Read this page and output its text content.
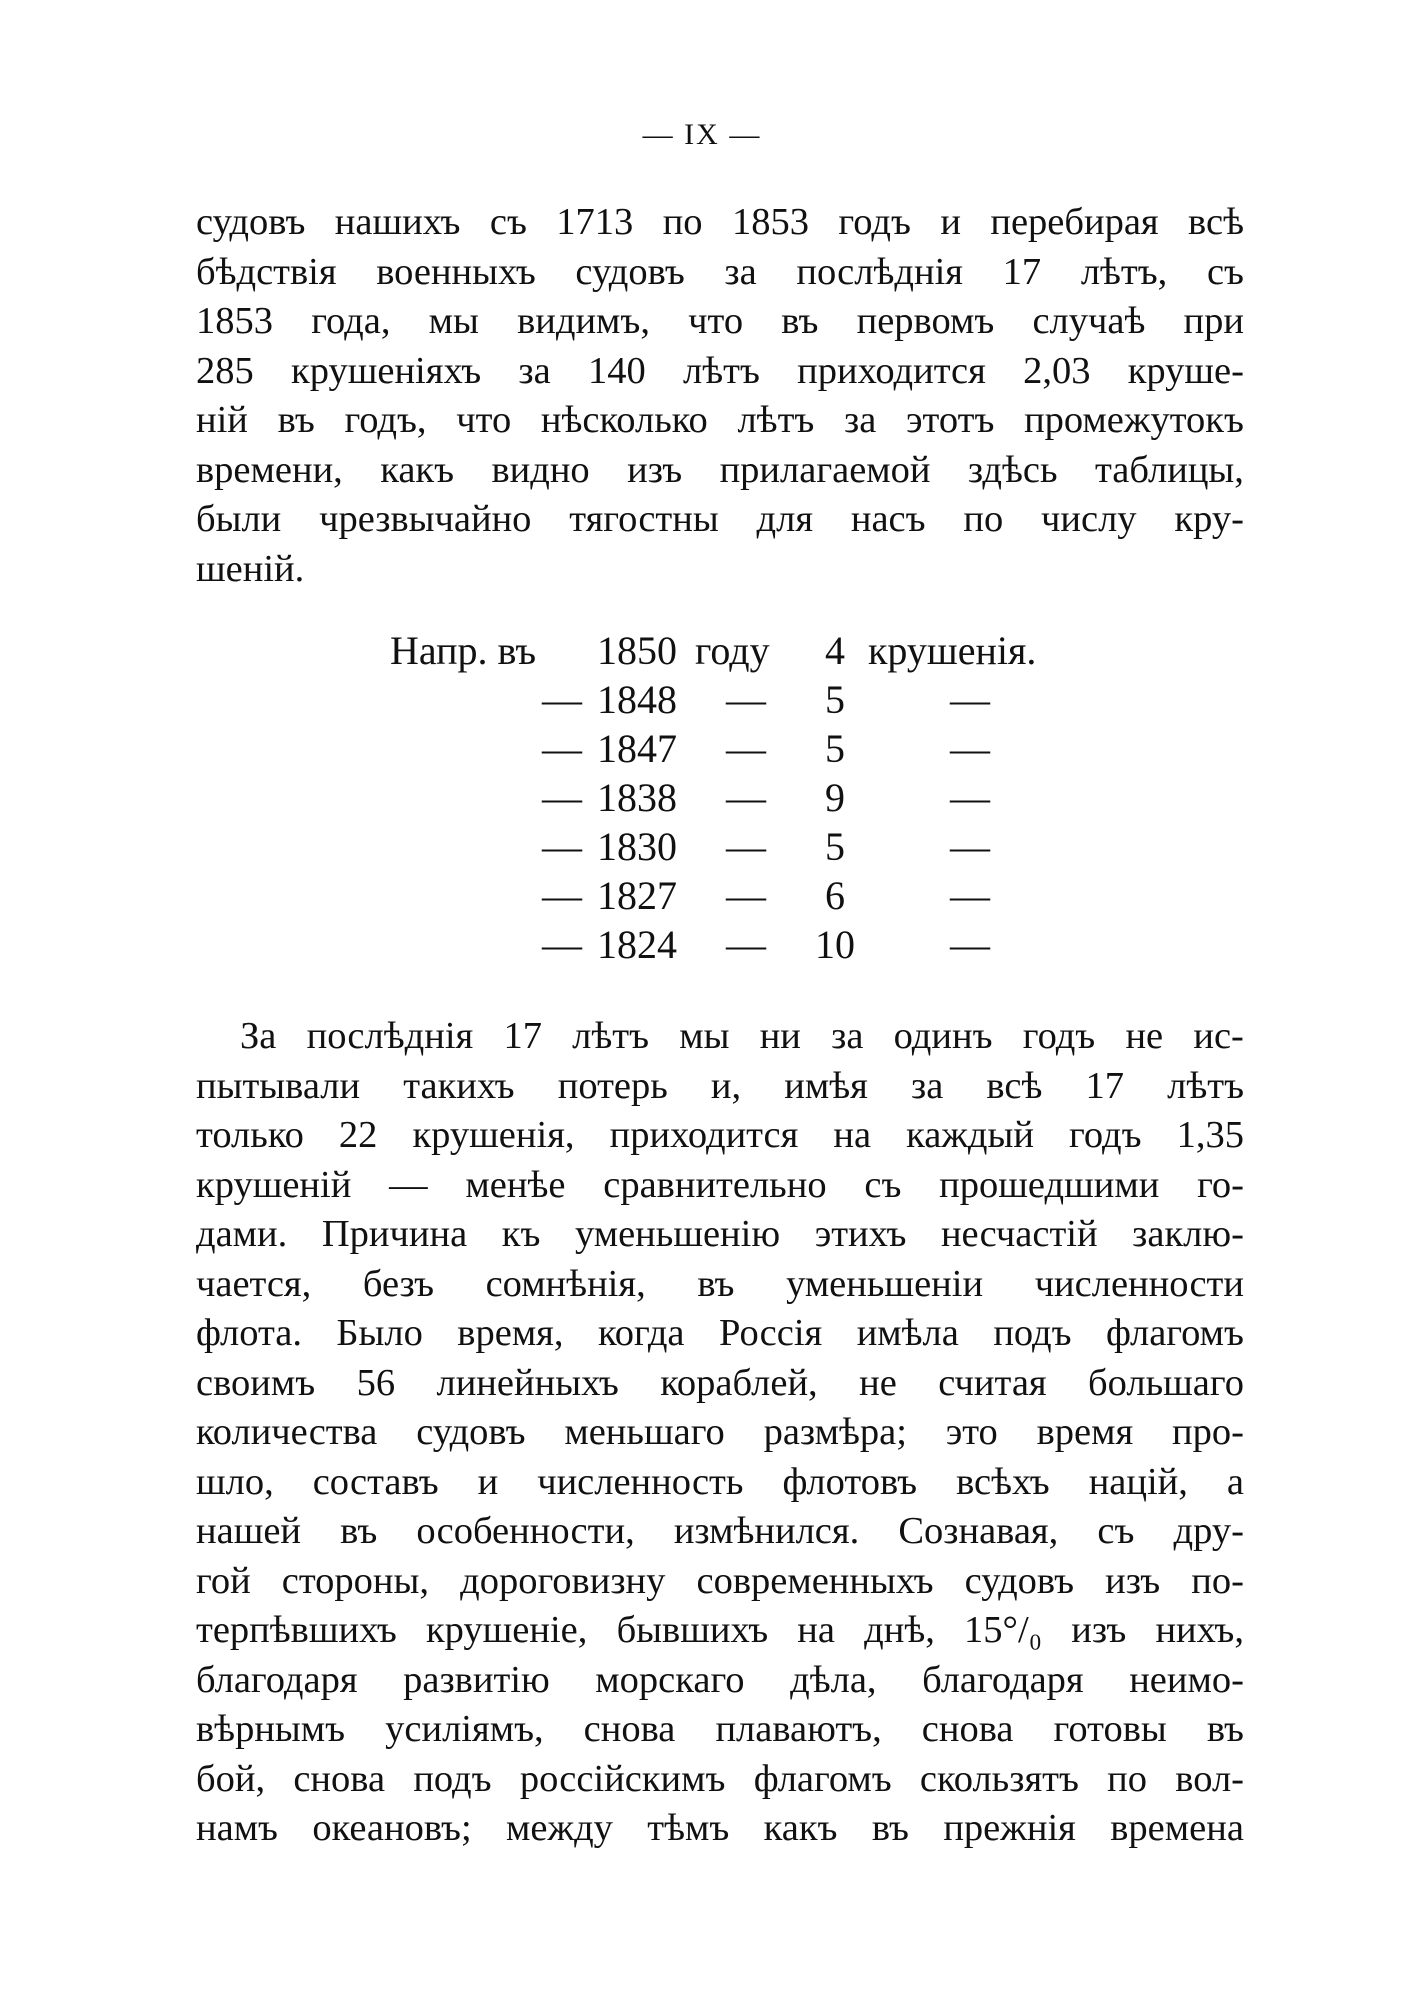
— IX —
судовъ нашихъ съ 1713 по 1853 годъ и перебирая всѣ
бѣдствія военныхъ судовъ за послѣднія 17 лѣтъ, съ
1853 года, мы видимъ, что въ первомъ случаѣ при
285 крушеніяхъ за 140 лѣтъ приходится 2,03 круше-
ній въ годъ, что нѣсколько лѣтъ за этотъ промежутокъ
времени, какъ видно изъ прилагаемой здѣсь таблицы,
были чрезвычайно тягостны для насъ по числу кру-
шеній.
Напр. въ 1850 году	4 крушенія.
— 1848 —	5	—
— 1847 —	5	—
— 1838 —	9	—
— 1830 —	5	—
— 1827 —	6	—
— 1824 —	10	—
За послѣднія 17 лѣтъ мы ни за одинъ годъ не ис-
пытывали такихъ потерь и, имѣя за всѣ 17 лѣтъ
только 22 крушенія, приходится на каждый годъ 1,35
крушеній — менѣе сравнительно съ прошедшими го-
дами. Причина къ уменьшенію этихъ несчастій заклю-
чается, безъ сомнѣнія, въ уменьшеніи численности
флота. Было время, когда Россія имѣла подъ флагомъ
своимъ 56 линейныхъ кораблей, не считая большаго
количества судовъ меньшаго размѣра; это время про-
шло, составъ и численность флотовъ всѣхъ націй, а
нашей въ особенности, измѣнился. Сознавая, съ дру-
гой стороны, дороговизну современныхъ судовъ изъ по-
терпѣвшихъ крушеніе, бывшихъ на днѣ, 15°/₀ изъ нихъ,
благодаря развитію морскаго дѣла, благодаря неимо-
вѣрнымъ усиліямъ, снова плаваютъ, снова готовы въ
бой, снова подъ россійскимъ флагомъ скользятъ по вол-
намъ океановъ; между тѣмъ какъ въ прежнія времена
